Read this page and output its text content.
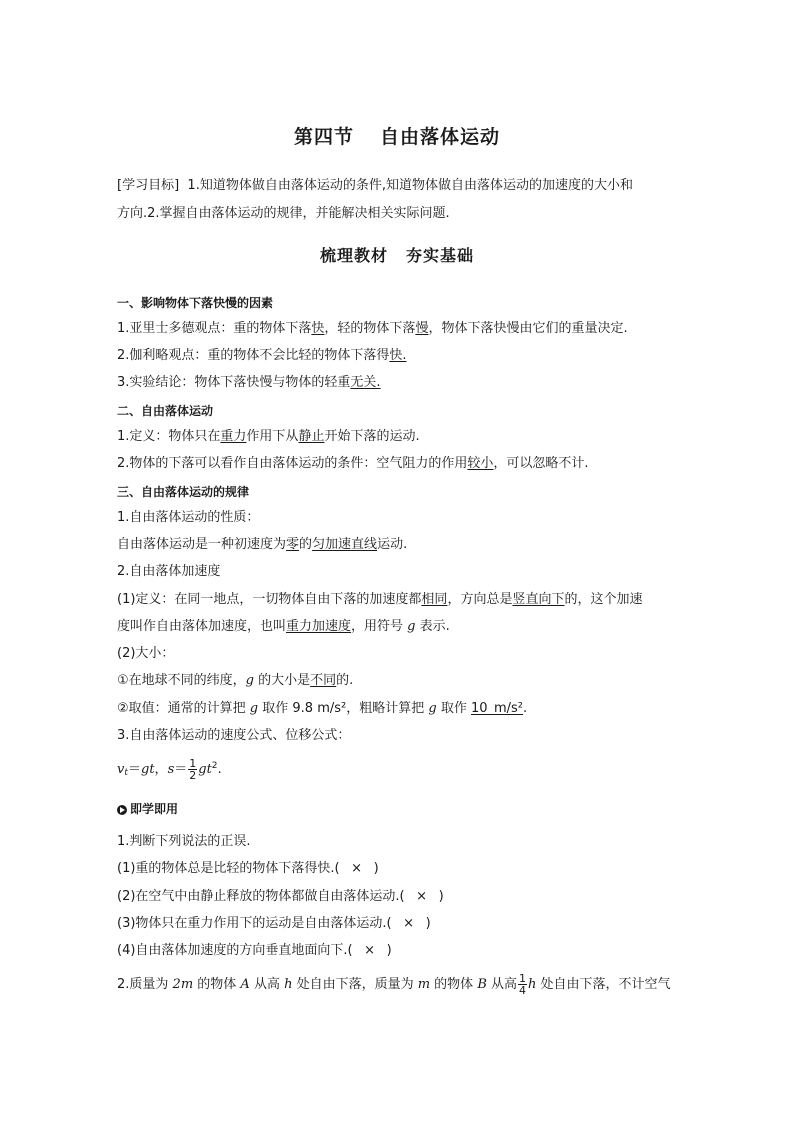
第四节 自由落体运动
[学习目标] 1.知道物体做自由落体运动的条件,知道物体做自由落体运动的加速度的大小和
方向.2.掌握自由落体运动的规律，并能解决相关实际问题.
梳理教材 夯实基础
一、影响物体下落快慢的因素
1.亚里士多德观点：重的物体下落快，轻的物体下落慢，物体下落快慢由它们的重量决定.
2.伽利略观点：重的物体不会比轻的物体下落得快.
3.实验结论：物体下落快慢与物体的轻重无关.
二、自由落体运动
1.定义：物体只在重力作用下从静止开始下落的运动.
2.物体的下落可以看作自由落体运动的条件：空气阻力的作用较小，可以忽略不计.
三、自由落体运动的规律
1.自由落体运动的性质：
自由落体运动是一种初速度为零的匀加速直线运动.
2.自由落体加速度
(1)定义：在同一地点，一切物体自由下落的加速度都相同，方向总是竖直向下的，这个加速
度叫作自由落体加速度，也叫重力加速度，用符号 g 表示.
(2)大小：
①在地球不同的纬度，g 的大小是不同的.
②取值：通常的计算把 g 取作 9.8 m/s²，粗略计算把 g 取作 10_m/s².
3.自由落体运动的速度公式、位移公式：
$v_t=gt$，$s= \frac{1}{2} gt^2$.
即学即用
1.判断下列说法的正误.
(1)重的物体总是比轻的物体下落得快.( × )
(2)在空气中由静止释放的物体都做自由落体运动.( × )
(3)物体只在重力作用下的运动是自由落体运动.( × )
(4)自由落体加速度的方向垂直地面向下.( × )
2.质量为 2m 的物体 A 从高 h 处自由下落，质量为 m 的物体 B 从高 $\frac{1}{4}$ h 处自由下落，不计空气
